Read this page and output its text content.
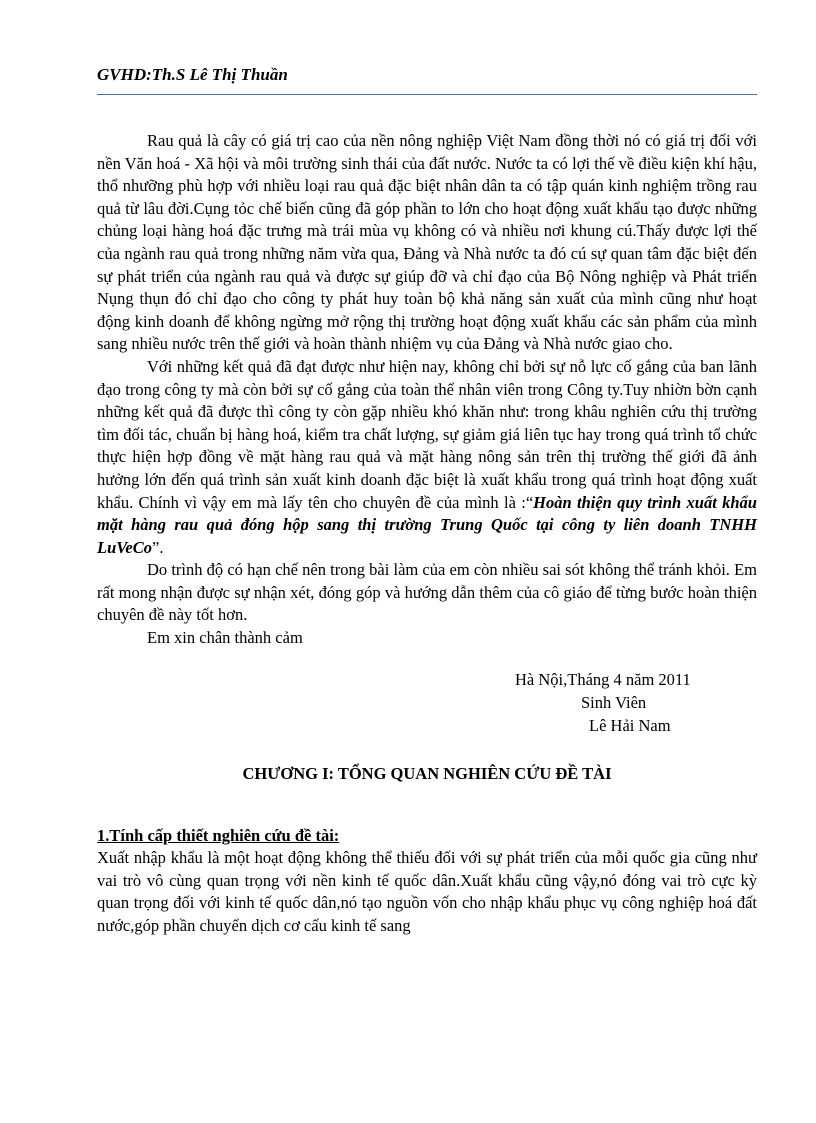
GVHD:Th.S Lê Thị Thuần

Rau quả là cây có giá trị cao của nền nông nghiệp Việt Nam đồng thời nó có giá trị đối với nền Văn hoá - Xã hội và môi trường sinh thái của đất nước. Nước ta có lợi thế về điều kiện khí hậu, thổ nhưỡng phù hợp với nhiều loại rau quả đặc biệt nhân dân ta có tập quán kinh nghiệm trồng rau quả từ lâu đời.Cụng tỏc chế biến cũng đã góp phần to lớn cho hoạt động xuất khẩu tạo được những chủng loại hàng hoá đặc trưng mà trái mùa vụ không có và nhiều nơi khung cú.Thấy được lợi thế của ngành rau quả trong những năm vừa qua, Đảng và Nhà nước ta đó cú sự quan tâm đặc biệt đến sự phát triển của ngành rau quả và được sự giúp đỡ và chỉ đạo của Bộ Nông nghiệp và Phát triển Nụng thụn đó chỉ đạo cho công ty phát huy toàn bộ khả năng sản xuất của mình cũng như hoạt động kinh doanh để không ngừng mở rộng thị trường hoạt động xuất khẩu các sản phẩm của mình sang nhiều nước trên thế giới và hoàn thành nhiệm vụ của Đảng và Nhà nước giao cho.

Với những kết quả đã đạt được như hiện nay, không chỉ bởi sự nỗ lực cố gắng của ban lãnh đạo trong công ty mà còn bởi sự cố gắng của toàn thể nhân viên trong Công ty.Tuy nhiờn bờn cạnh những kết quả đã được thì công ty còn gặp nhiều khó khăn như: trong khâu nghiên cứu thị trường tìm đối tác, chuẩn bị hàng hoá, kiểm tra chất lượng, sự giảm giá liên tục hay trong quá trình tổ chức thực hiện hợp đồng về mặt hàng rau quả và mặt hàng nông sản trên thị trường thế giới đã ảnh hưởng lớn đến quá trình sản xuất kinh doanh đặc biệt là xuất khẩu trong quá trình hoạt động xuất khẩu. Chính vì vậy em mà lấy tên cho chuyên đề của mình là :“Hoàn thiện quy trình xuất khẩu mặt hàng rau quả đóng hộp sang thị trường Trung Quốc tại công ty liên doanh TNHH LuVeCo”.

Do trình độ có hạn chế nên trong bài làm của em còn nhiều sai sót không thể tránh khỏi. Em rất mong nhận được sự nhận xét, đóng góp và hướng dẫn thêm của cô giáo để từng bước hoàn thiện chuyên đề này tốt hơn.

Em xin chân thành cảm

Hà Nội,Tháng 4 năm 2011
Sinh Viên
Lê Hải Nam
CHƯƠNG I: TỔNG QUAN NGHIÊN CỨU ĐỀ TÀI
1.Tính cấp thiết nghiên cứu đề tài:

Xuất nhập khẩu là một hoạt động không thể thiếu đối với sự phát triển của mỗi quốc gia cũng như vai trò vô cùng quan trọng với nền kinh tế quốc dân.Xuất khẩu cũng vậy,nó đóng vai trò cực kỳ quan trọng đối với kinh tế quốc dân,nó tạo nguồn vốn cho nhập khẩu phục vụ công nghiệp hoá đất nước,góp phần chuyển dịch cơ cấu kinh tế sang
